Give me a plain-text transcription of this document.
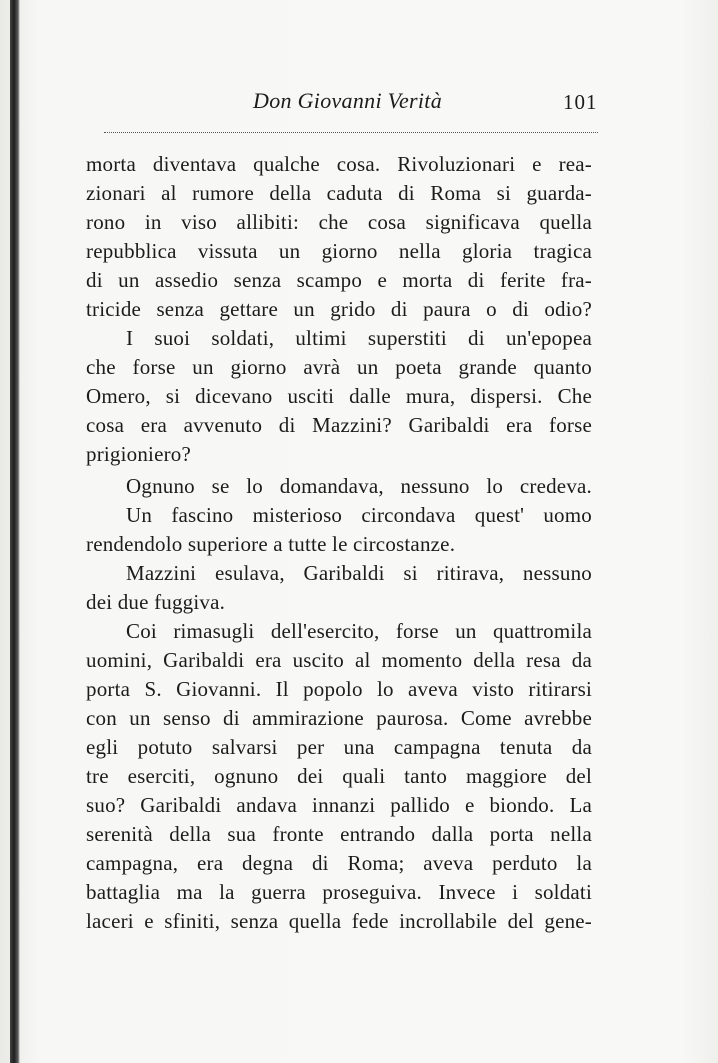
Don Giovanni Verità	101
morta diventava qualche cosa. Rivoluzionari e rea-
zionari al rumore della caduta di Roma si guarda-
rono in viso allibiti: che cosa significava quella
repubblica vissuta un giorno nella gloria tragica
di un assedio senza scampo e morta di ferite fra-
tricide senza gettare un grido di paura o di odio?
I suoi soldati, ultimi superstiti di un'epopea
che forse un giorno avrà un poeta grande quanto
Omero, si dicevano usciti dalle mura, dispersi. Che
cosa era avvenuto di Mazzini? Garibaldi era forse
prigioniero?
Ognuno se lo domandava, nessuno lo credeva.
Un fascino misterioso circondava quest' uomo
rendendolo superiore a tutte le circostanze.
Mazzini esulava, Garibaldi si ritirava, nessuno
dei due fuggiva.
Coi rimasugli dell'esercito, forse un quattromila
uomini, Garibaldi era uscito al momento della resa da
porta S. Giovanni. Il popolo lo aveva visto ritirarsi
con un senso di ammirazione paurosa. Come avrebbe
egli potuto salvarsi per una campagna tenuta da
tre eserciti, ognuno dei quali tanto maggiore del
suo? Garibaldi andava innanzi pallido e biondo. La
serenità della sua fronte entrando dalla porta nella
campagna, era degna di Roma; aveva perduto la
battaglia ma la guerra proseguiva. Invece i soldati
laceri e sfiniti, senza quella fede incrollabile del gene-
